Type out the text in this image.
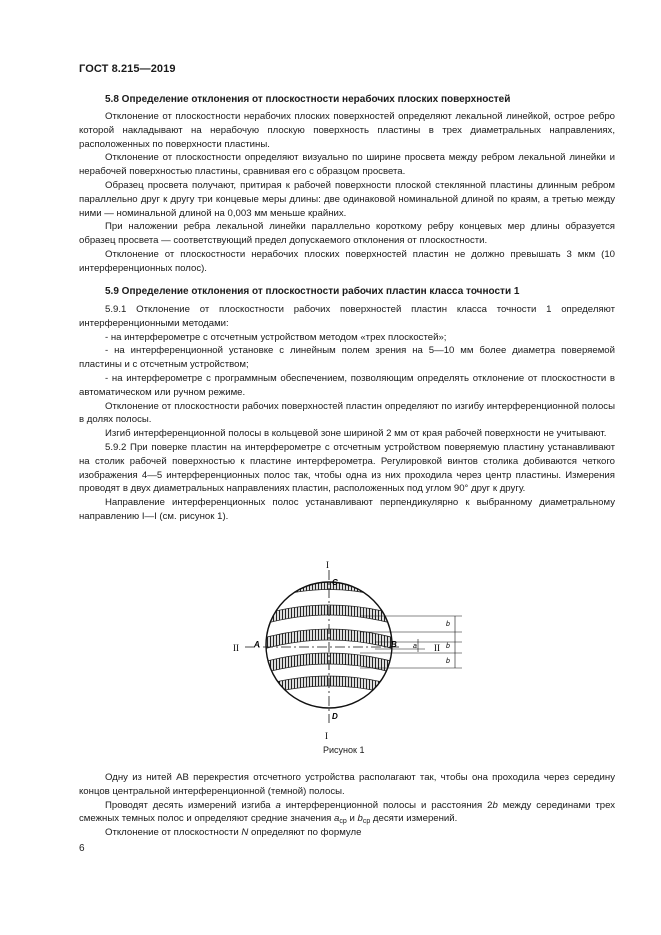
ГОСТ 8.215—2019
5.8 Определение отклонения от плоскостности нерабочих плоских поверхностей

Отклонение от плоскостности нерабочих плоских поверхностей определяют лекальной линейкой, острое ребро которой накладывают на нерабочую плоскую поверхность пластины в трех диаметральных направлениях, расположенных по поверхности пластины.

Отклонение от плоскостности определяют визуально по ширине просвета между ребром лекальной линейки и нерабочей поверхностью пластины, сравнивая его с образцом просвета.

Образец просвета получают, притирая к рабочей поверхности плоской стеклянной пластины длинным ребром параллельно друг к другу три концевые меры длины: две одинаковой номинальной длиной по краям, а третью между ними — номинальной длиной на 0,003 мм меньше крайних.

При наложении ребра лекальной линейки параллельно короткому ребру концевых мер длины образуется образец просвета — соответствующий предел допускаемого отклонения от плоскостности.

Отклонение от плоскостности нерабочих плоских поверхностей пластин не должно превышать 3 мкм (10 интерференционных полос).

5.9 Определение отклонения от плоскостности рабочих пластин класса точности 1

5.9.1 Отклонение от плоскостности рабочих поверхностей пластин класса точности 1 определяют интерференционными методами:

- на интерферометре с отсчетным устройством методом «трех плоскостей»;

- на интерференционной установке с линейным полем зрения на 5—10 мм более диаметра поверяемой пластины и с отсчетным устройством;

- на интерферометре с программным обеспечением, позволяющим определять отклонение от плоскостности в автоматическом или ручном режиме.

Отклонение от плоскостности рабочих поверхностей пластин определяют по изгибу интерференционной полосы в долях полосы.

Изгиб интерференционной полосы в кольцевой зоне шириной 2 мм от края рабочей поверхности не учитывают.

5.9.2 При поверке пластин на интерферометре с отсчетным устройством поверяемую пластину устанавливают на столик рабочей поверхностью к пластине интерферометра. Регулировкой винтов столика добиваются четкого изображения 4—5 интерференционных полос так, чтобы одна из них проходила через центр пластины. Измерения проводят в двух диаметральных направлениях пластин, расположенных под углом 90° друг к другу.

Направление интерференционных полос устанавливают перпендикулярно к выбранному диаметральному направлению I—I (см. рисунок 1).

I
I
II	II
A	B
C
D
a
b
b
b
Рисунок 1

Одну из нитей AB перекрестия отсчетного устройства располагают так, чтобы она проходила через середину концов центральной интерференционной (темной) полосы.

Проводят десять измерений изгиба a интерференционной полосы и расстояния 2b между серединами трех смежных темных полос и определяют средние значения $a_{ср}$ и $b_{ср}$ десяти измерений.

Отклонение от плоскостности N определяют по формуле

6
